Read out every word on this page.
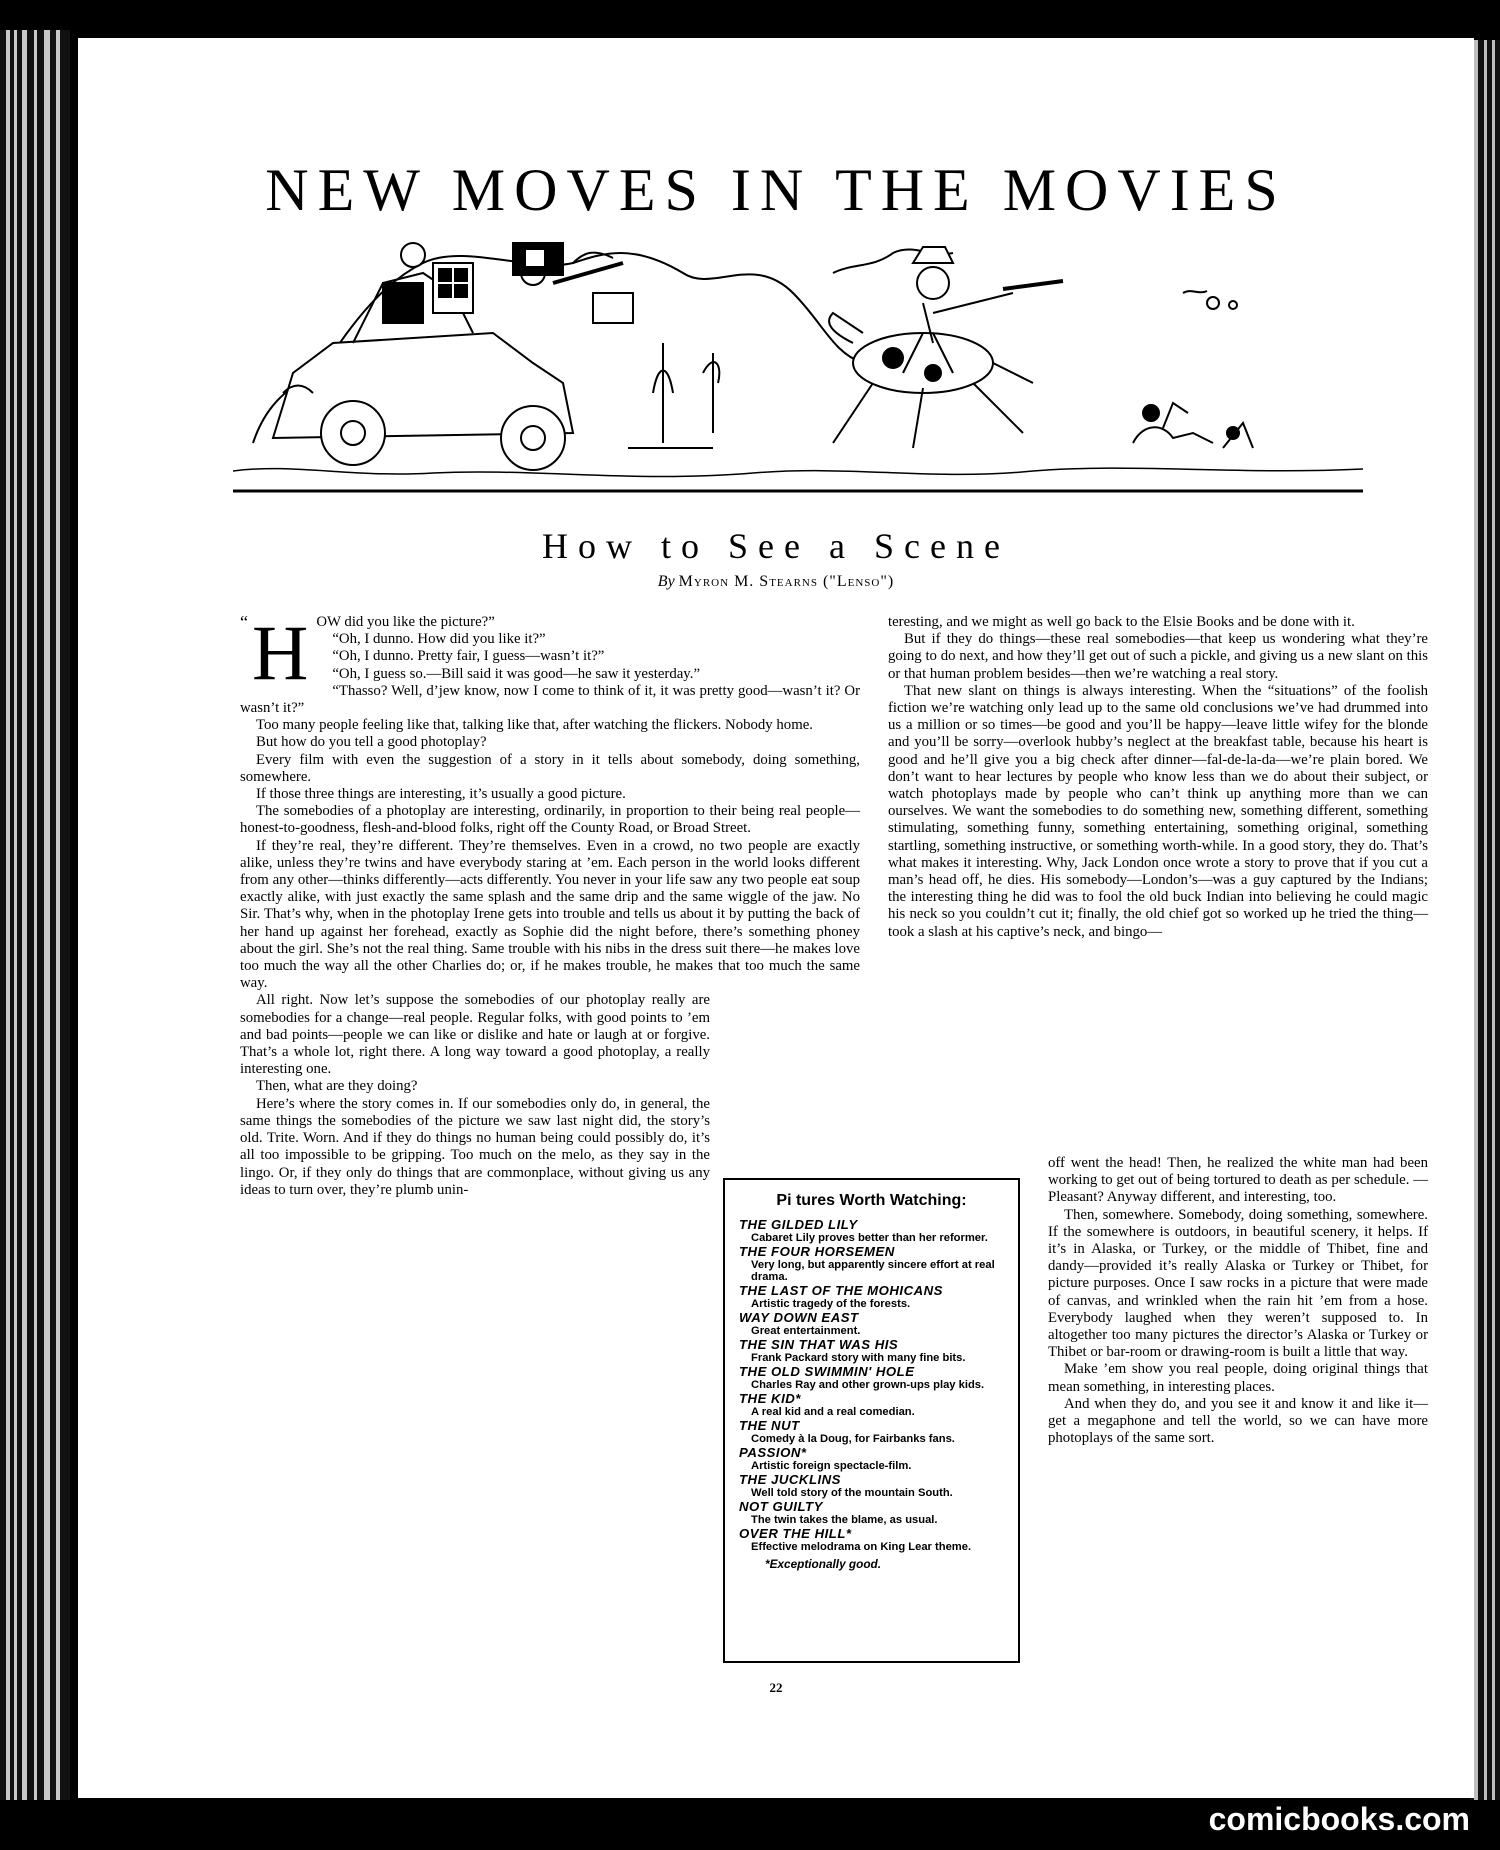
NEW MOVES IN THE MOVIES
How to See a Scene
By Myron M. Stearns ("Lenso")
“ H OW did you like the picture?”

“Oh, I dunno. How did you like it?”

“Oh, I dunno. Pretty fair, I guess—wasn’t it?”

“Oh, I guess so.—Bill said it was good—he saw it yesterday.”

“Thasso? Well, d’jew know, now I come to think of it, it was pretty good—wasn’t it? Or wasn’t it?”

Too many people feeling like that, talking like that, after watching the flickers. Nobody home.

But how do you tell a good photoplay?

Every film with even the suggestion of a story in it tells about somebody, doing something, somewhere.

If those three things are interesting, it’s usually a good picture.

The somebodies of a photoplay are interesting, ordinarily, in proportion to their being real people—honest-to-goodness, flesh-and-blood folks, right off the County Road, or Broad Street.

If they’re real, they’re different. They’re themselves. Even in a crowd, no two people are exactly alike, unless they’re twins and have everybody staring at ’em. Each person in the world looks different from any other—thinks differently—acts differently. You never in your life saw any two people eat soup exactly alike, with just exactly the same splash and the same drip and the same wiggle of the jaw. No Sir. That’s why, when in the photoplay Irene gets into trouble and tells us about it by putting the back of her hand up against her forehead, exactly as Sophie did the night before, there’s something phoney about the girl. She’s not the real thing. Same trouble with his nibs in the dress suit there—he makes love too much the way all the other Charlies do; or, if he makes trouble, he makes that too much the same way.

All right. Now let’s suppose the somebodies of our photoplay really are somebodies for a change—real people. Regular folks, with good points to ’em and bad points—people we can like or dislike and hate or laugh at or forgive. That’s a whole lot, right there. A long way toward a good photoplay, a really interesting one.

Then, what are they doing?

Here’s where the story comes in. If our somebodies only do, in general, the same things the somebodies of the picture we saw last night did, the story’s old. Trite. Worn. And if they do things no human being could possibly do, it’s all too impossible to be gripping. Too much on the melo, as they say in the lingo. Or, if they only do things that are commonplace, without giving us any ideas to turn over, they’re plumb unin-

teresting, and we might as well go back to the Elsie Books and be done with it.

But if they do things—these real somebodies—that keep us wondering what they’re going to do next, and how they’ll get out of such a pickle, and giving us a new slant on this or that human problem besides—then we’re watching a real story.

That new slant on things is always interesting. When the “situations” of the foolish fiction we’re watching only lead up to the same old conclusions we’ve had drummed into us a million or so times—be good and you’ll be happy—leave little wifey for the blonde and you’ll be sorry—overlook hubby’s neglect at the breakfast table, because his heart is good and he’ll give you a big check after dinner—fal-de-la-da—we’re plain bored. We don’t want to hear lectures by people who know less than we do about their subject, or watch photoplays made by people who can’t think up anything more than we can ourselves. We want the somebodies to do something new, something different, something stimulating, something funny, something entertaining, something original, something startling, something instructive, or something worth-while. In a good story, they do. That’s what makes it interesting. Why, Jack London once wrote a story to prove that if you cut a man’s head off, he dies. His somebody—London’s—was a guy captured by the Indians; the interesting thing he did was to fool the old buck Indian into believing he could magic his neck so you couldn’t cut it; finally, the old chief got so worked up he tried the thing—took a slash at his captive’s neck, and bingo—

off went the head! Then, he realized the white man had been working to get out of being tortured to death as per schedule. —Pleasant? Anyway different, and interesting, too.

Then, somewhere. Somebody, doing something, somewhere. If the somewhere is outdoors, in beautiful scenery, it helps. If it’s in Alaska, or Turkey, or the middle of Thibet, fine and dandy—provided it’s really Alaska or Turkey or Thibet, for picture purposes. Once I saw rocks in a picture that were made of canvas, and wrinkled when the rain hit ’em from a hose. Everybody laughed when they weren’t supposed to. In altogether too many pictures the director’s Alaska or Turkey or Thibet or bar-room or drawing-room is built a little that way.

Make ’em show you real people, doing original things that mean something, in interesting places.

And when they do, and you see it and know it and like it—get a megaphone and tell the world, so we can have more photoplays of the same sort.

Pi tures Worth Watching:
THE GILDED LILY
Cabaret Lily proves better than her reformer.
THE FOUR HORSEMEN
Very long, but apparently sincere effort at real drama.
THE LAST OF THE MOHICANS
Artistic tragedy of the forests.
WAY DOWN EAST
Great entertainment.
THE SIN THAT WAS HIS
Frank Packard story with many fine bits.
THE OLD SWIMMIN' HOLE
Charles Ray and other grown-ups play kids.
THE KID*
A real kid and a real comedian.
THE NUT
Comedy à la Doug, for Fairbanks fans.
PASSION*
Artistic foreign spectacle-film.
THE JUCKLINS
Well told story of the mountain South.
NOT GUILTY
The twin takes the blame, as usual.
OVER THE HILL*
Effective melodrama on King Lear theme.
*Exceptionally good.
22
comicbooks.com
